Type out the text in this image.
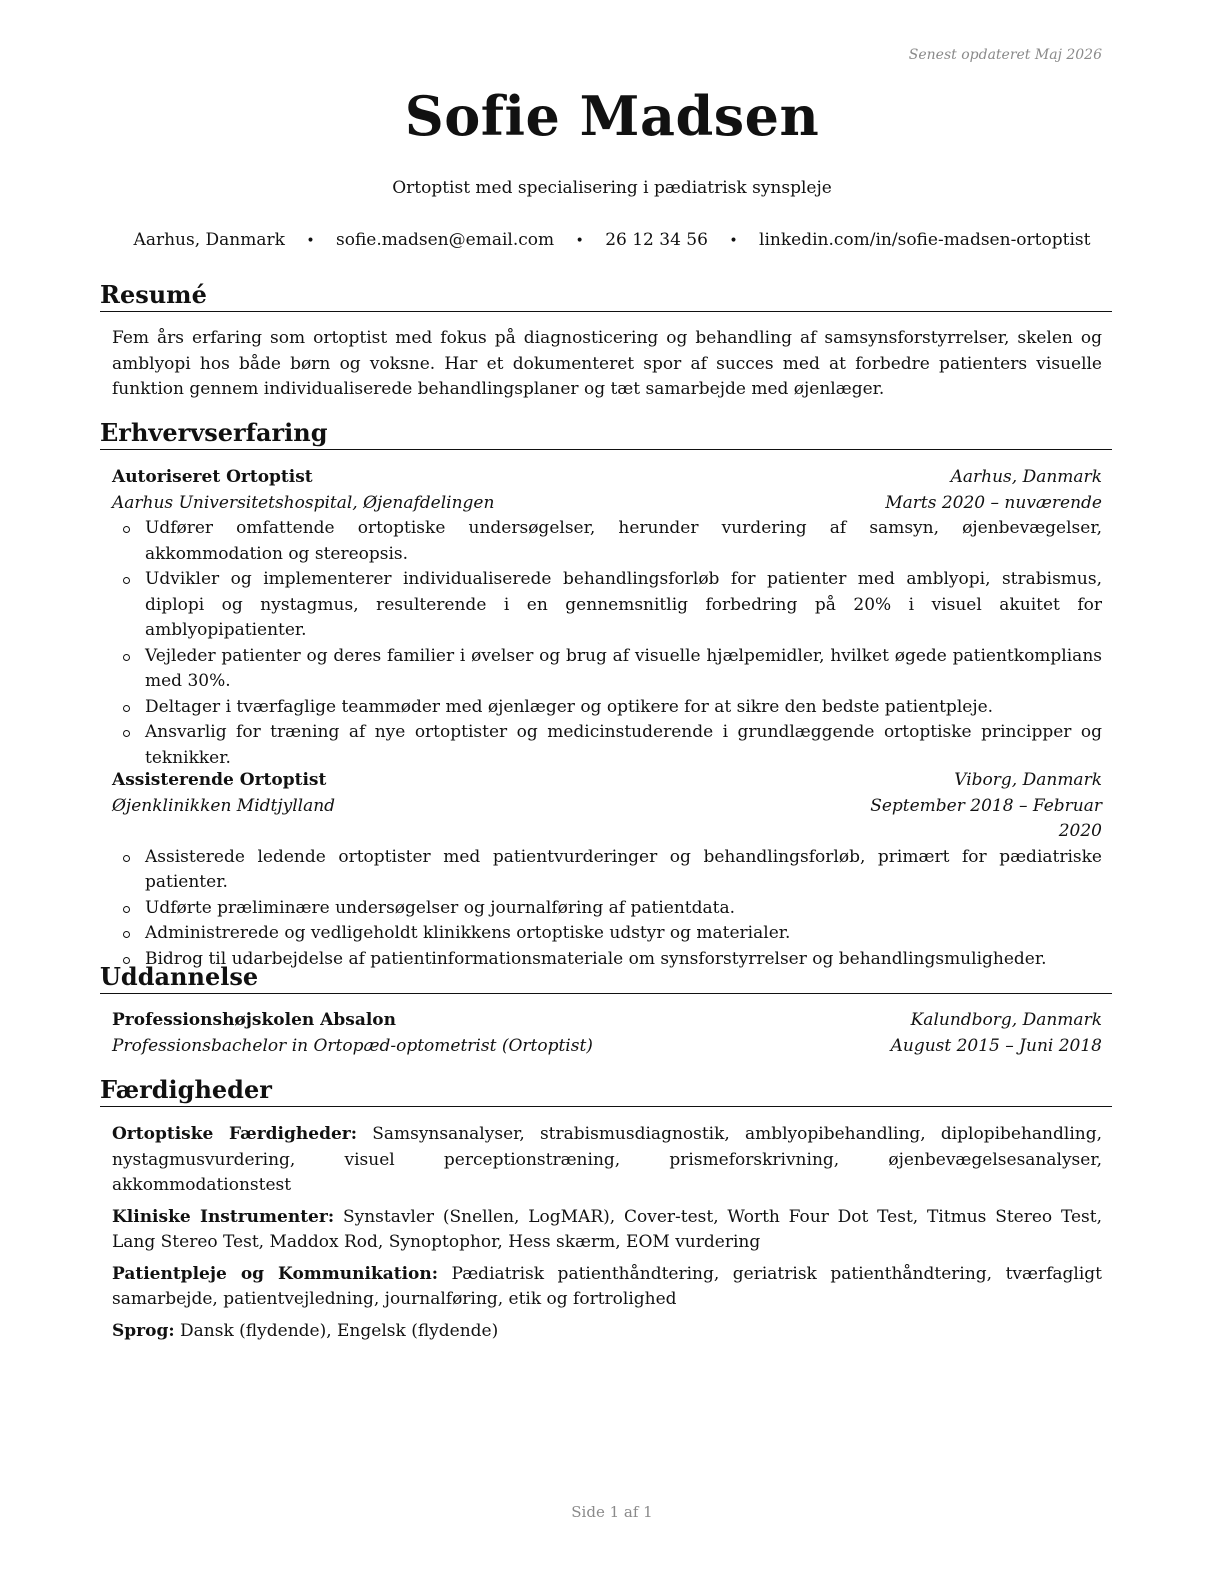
Senest opdateret Maj 2026
Sofie Madsen
Ortoptist med specialisering i pædiatrisk synspleje
Aarhus, Danmark • sofie.madsen@email.com • 26 12 34 56 • linkedin.com/in/sofie-madsen-ortoptist
Resumé
Fem års erfaring som ortoptist med fokus på diagnosticering og behandling af samsynsforstyrrelser, skelen og amblyopi hos både børn og voksne. Har et dokumenteret spor af succes med at forbedre patienters visuelle funktion gennem individualiserede behandlingsplaner og tæt samarbejde med øjenlæger.
Erhvervserfaring
Autoriseret Ortoptist	Aarhus, Danmark
Aarhus Universitetshospital, Øjenafdelingen	Marts 2020 – nuværende
Udfører omfattende ortoptiske undersøgelser, herunder vurdering af samsyn, øjenbevægelser, akkommodation og stereopsis.
Udvikler og implementerer individualiserede behandlingsforløb for patienter med amblyopi, strabismus, diplopi og nystagmus, resulterende i en gennemsnitlig forbedring på 20% i visuel akuitet for amblyopipatienter.
Vejleder patienter og deres familier i øvelser og brug af visuelle hjælpemidler, hvilket øgede patientkomplians med 30%.
Deltager i tværfaglige teammøder med øjenlæger og optikere for at sikre den bedste patientpleje.
Ansvarlig for træning af nye ortoptister og medicinstuderende i grundlæggende ortoptiske principper og teknikker.
Assisterende Ortoptist	Viborg, Danmark
Øjenklinikken Midtjylland	September 2018 – Februar
2020
Assisterede ledende ortoptister med patientvurderinger og behandlingsforløb, primært for pædiatriske patienter.
Udførte præliminære undersøgelser og journalføring af patientdata.
Administrerede og vedligeholdt klinikkens ortoptiske udstyr og materialer.
Bidrog til udarbejdelse af patientinformationsmateriale om synsforstyrrelser og behandlingsmuligheder.
Uddannelse
Professionshøjskolen Absalon	Kalundborg, Danmark
Professionsbachelor in Ortopæd-optometrist (Ortoptist)	August 2015 – Juni 2018
Færdigheder
Ortoptiske Færdigheder: Samsynsanalyser, strabismusdiagnostik, amblyopibehandling, diplopibehandling, nystagmusvurdering, visuel perceptionstræning, prismeforskrivning, øjenbevægelsesanalyser, akkommodationstest
Kliniske Instrumenter: Synstavler (Snellen, LogMAR), Cover-test, Worth Four Dot Test, Titmus Stereo Test, Lang Stereo Test, Maddox Rod, Synoptophor, Hess skærm, EOM vurdering
Patientpleje og Kommunikation: Pædiatrisk patienthåndtering, geriatrisk patienthåndtering, tværfagligt samarbejde, patientvejledning, journalføring, etik og fortrolighed
Sprog: Dansk (flydende), Engelsk (flydende)
Side 1 af 1
